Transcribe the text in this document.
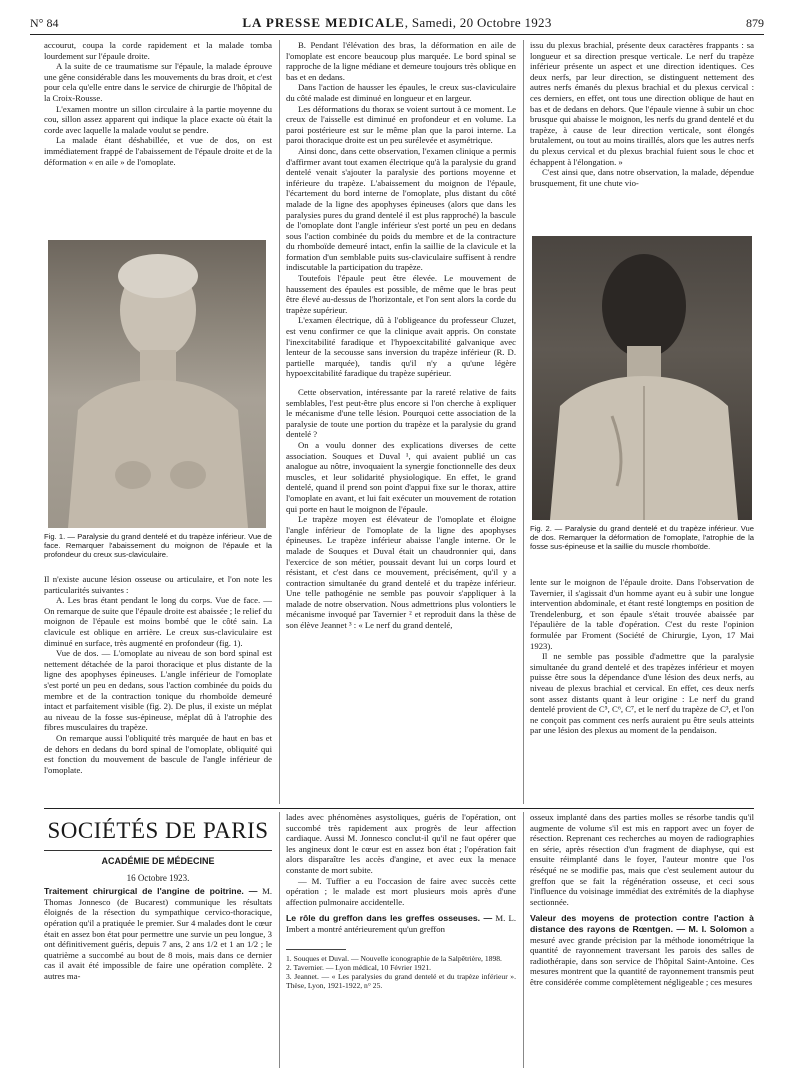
N° 84	LA PRESSE MEDICALE, Samedi, 20 Octobre 1923	879

accourut, coupa la corde rapidement et la malade tomba lourdement sur l'épaule droite.

A la suite de ce traumatisme sur l'épaule, la malade éprouve une gêne considérable dans les mouvements du bras droit, et c'est pour cela qu'elle entre dans le service de chirurgie de l'hôpital de la Croix-Rousse.

L'examen montre un sillon circulaire à la partie moyenne du cou, sillon assez apparent qui indique la place exacte où était la corde avec laquelle la malade voulut se pendre.

La malade étant déshabillée, et vue de dos, on est immédiatement frappé de l'abaissement de l'épaule droite et de la déformation « en aile » de l'omoplate.

Fig. 1. — Paralysie du grand dentelé et du trapèze inférieur. Vue de face. Remarquer l'abaissement du moignon de l'épaule et la profondeur du creux sus-claviculaire.

Il n'existe aucune lésion osseuse ou articulaire, et l'on note les particularités suivantes :

A. Les bras étant pendant le long du corps. Vue de face. — On remarque de suite que l'épaule droite est abaissée ; le relief du moignon de l'épaule est moins bombé que le côté sain. La clavicule est oblique en arrière. Le creux sus-claviculaire est diminué en surface, très augmenté en profondeur (fig. 1).

Vue de dos. — L'omoplate au niveau de son bord spinal est nettement détachée de la paroi thoracique et plus distante de la ligne des apophyses épineuses. L'angle inférieur de l'omoplate s'est porté un peu en dedans, sous l'action combinée du poids du membre et de la contraction tonique du rhomboïde demeuré intact et parfaitement visible (fig. 2). De plus, il existe un méplat au niveau de la fosse sus-épineuse, méplat dû à l'atrophie des fibres musculaires du trapèze.

On remarque aussi l'obliquité très marquée de haut en bas et de dehors en dedans du bord spinal de l'omoplate, obliquité qui est fonction du mouvement de bascule de l'angle inférieur de l'omoplate.

B. Pendant l'élévation des bras, la déformation en aile de l'omoplate est encore beaucoup plus marquée. Le bord spinal se rapproche de la ligne médiane et demeure toujours très oblique en bas et en dedans.

Dans l'action de hausser les épaules, le creux sus-claviculaire du côté malade est diminué en longueur et en largeur.

Les déformations du thorax se voient surtout à ce moment. Le creux de l'aisselle est diminué en profondeur et en volume. La paroi postérieure est sur le même plan que la paroi interne. La paroi thoracique droite est un peu surélevée et asymétrique.

Ainsi donc, dans cette observation, l'examen clinique a permis d'affirmer avant tout examen électrique qu'à la paralysie du grand dentelé venait s'ajouter la paralysie des portions moyenne et inférieure du trapèze. L'abaissement du moignon de l'épaule, l'écartement du bord interne de l'omoplate, plus distant du côté malade de la ligne des apophyses épineuses (alors que dans les paralysies pures du grand dentelé il est plus rapproché) la bascule de l'omoplate dont l'angle inférieur s'est porté un peu en dedans sous l'action combinée du poids du membre et de la contracture du rhomboïde demeuré intact, enfin la saillie de la clavicule et la formation d'un semblable puits sus-claviculaire suffisent à rendre indiscutable la participation du trapèze.

Toutefois l'épaule peut être élevée. Le mouvement de haussement des épaules est possible, de même que le bras peut être élevé au-dessus de l'horizontale, et l'on sent alors la corde du trapèze supérieur.

L'examen électrique, dû à l'obligeance du professeur Cluzet, est venu confirmer ce que la clinique avait appris. On constate l'inexcitabilité faradique et l'hypoexcitabilité galvanique avec lenteur de la secousse sans inversion du trapèze inférieur (R. D. partielle marquée), tandis qu'il n'y a qu'une légère hypoexcitabilité faradique du trapèze supérieur.

Cette observation, intéressante par la rareté relative de faits semblables, l'est peut-être plus encore si l'on cherche à expliquer le mécanisme d'une telle lésion. Pourquoi cette association de la paralysie de toute une portion du trapèze et la paralysie du grand dentelé ?

On a voulu donner des explications diverses de cette association. Souques et Duval ¹, qui avaient publié un cas analogue au nôtre, invoquaient la synergie fonctionnelle des deux muscles, et leur solidarité physiologique. En effet, le grand dentelé, quand il prend son point d'appui fixe sur le thorax, attire l'omoplate en avant, et lui fait exécuter un mouvement de rotation qui porte en haut le moignon de l'épaule.

Le trapèze moyen est élévateur de l'omoplate et éloigne l'angle inférieur de l'omoplate de la ligne des apophyses épineuses. Le trapèze inférieur abaisse l'angle interne. Or le malade de Souques et Duval était un chaudronnier qui, dans l'exercice de son métier, poussait devant lui un corps lourd et résistant, et c'est dans ce mouvement, précisément, qu'il y a contraction simultanée du grand dentelé et du trapèze inférieur. Une telle pathogénie ne semble pas pouvoir s'appliquer à la malade de notre observation. Nous admettrions plus volontiers le mécanisme invoqué par Tavernier ² et reproduit dans la thèse de son élève Jeannet ³ : « Le nerf du grand dentelé,

issu du plexus brachial, présente deux caractères frappants : sa longueur et sa direction presque verticale. Le nerf du trapèze inférieur présente un aspect et une direction identiques. Ces deux nerfs, par leur direction, se distinguent nettement des autres nerfs émanés du plexus brachial et du plexus cervical : ces derniers, en effet, ont tous une direction oblique de haut en bas et de dedans en dehors. Que l'épaule vienne à subir un choc brusque qui abaisse le moignon, les nerfs du grand dentelé et du trapèze, à cause de leur direction verticale, sont élongés brutalement, ou tout au moins tiraillés, alors que les autres nerfs du plexus cervical et du plexus brachial fuient sous le choc et échappent à l'élongation. »

C'est ainsi que, dans notre observation, la malade, dépendue brusquement, fit une chute vio-

Fig. 2. — Paralysie du grand dentelé et du trapèze inférieur. Vue de dos. Remarquer la déformation de l'omoplate, l'atrophie de la fosse sus-épineuse et la saillie du muscle rhomboïde.

lente sur le moignon de l'épaule droite. Dans l'observation de Tavernier, il s'agissait d'un homme ayant eu à subir une longue intervention abdominale, et étant resté longtemps en position de Trendelenburg, et son épaule s'était trouvée abaissée par l'épaulière de la table d'opération. C'est du reste l'opinion formulée par Froment (Société de Chirurgie, Lyon, 17 Mai 1923).

Il ne semble pas possible d'admettre que la paralysie simultanée du grand dentelé et des trapèzes inférieur et moyen puisse être sous la dépendance d'une lésion des deux nerfs, au niveau de plexus brachial et cervical. En effet, ces deux nerfs sont assez distants quant à leur origine : Le nerf du grand dentelé provient de C⁵, C⁶, C⁷, et le nerf du trapèze de C³, et l'on ne conçoit pas comment ces nerfs auraient pu être seuls atteints par une lésion des plexus au moment de la pendaison.

SOCIÉTÉS DE PARIS
ACADÉMIE DE MÉDECINE
16 Octobre 1923.

Traitement chirurgical de l'angine de poitrine. — M. Thomas Jonnesco (de Bucarest) communique les résultats éloignés de la résection du sympathique cervico-thoracique, opération qu'il a pratiquée le premier. Sur 4 malades dont le cœur était en assez bon état pour permettre une survie un peu longue, 3 ont définitivement guéris, depuis 7 ans, 2 ans 1/2 et 1 an 1/2 ; le quatrième a succombé au bout de 8 mois, mais dans ce dernier cas il avait été impossible de faire une opération complète. 2 autres ma-

lades avec phénomènes asystoliques, guéris de l'opération, ont succombé très rapidement aux progrès de leur affection cardiaque. Aussi M. Jonnesco conclut-il qu'il ne faut opérer que les angineux dont le cœur est en assez bon état ; l'opération fait alors disparaître les accès d'angine, et avec eux la menace constante de mort subite.

— M. Tuffier a eu l'occasion de faire avec succès cette opération ; le malade est mort plusieurs mois après d'une affection pulmonaire accidentelle.

Le rôle du greffon dans les greffes osseuses. — M. L. Imbert a montré antérieurement qu'un greffon

1. Souques et Duval. — Nouvelle iconographie de la Salpêtrière, 1898.

2. Tavernier. — Lyon médical, 10 Février 1921.

3. Jeannet. — « Les paralysies du grand dentelé et du trapèze inférieur ». Thèse, Lyon, 1921-1922, n° 25.

osseux implanté dans des parties molles se résorbe tandis qu'il augmente de volume s'il est mis en rapport avec un foyer de résection. Reprenant ces recherches au moyen de radiographies en série, après résection d'un fragment de diaphyse, qui est ensuite réimplanté dans le foyer, l'auteur montre que l'os réséqué ne se modifie pas, mais que c'est seulement autour du greffon que se fait la régénération osseuse, et ceci sous l'influence du voisinage immédiat des extrémités de la diaphyse sectionnée.

Valeur des moyens de protection contre l'action à distance des rayons de Rœntgen. — M. I. Solomon a mesuré avec grande précision par la méthode ionométrique la quantité de rayonnement traversant les parois des salles de radiothérapie, dans son service de l'hôpital Saint-Antoine. Ces mesures montrent que la quantité de rayonnement transmis peut être considérée comme complètement négligeable ; ces mesures
